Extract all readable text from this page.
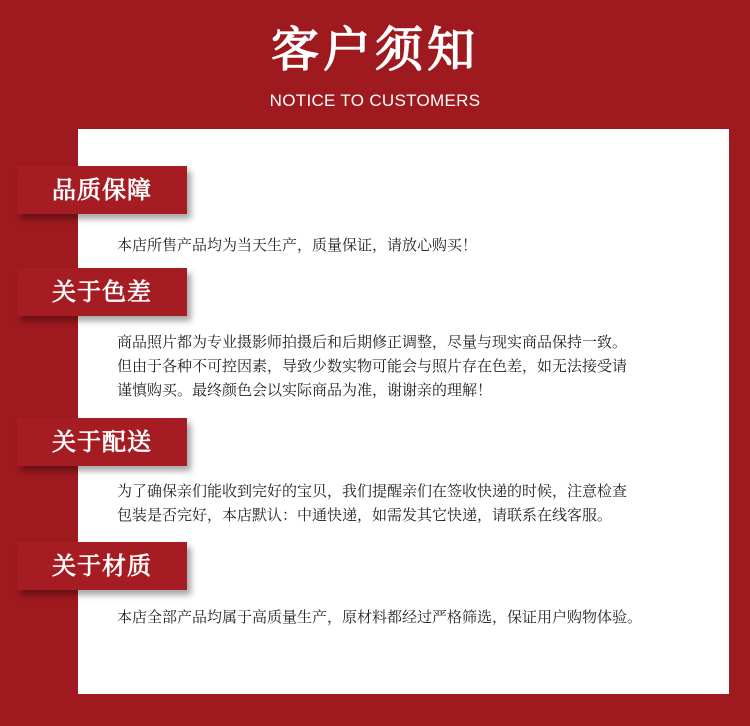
客户须知
NOTICE TO CUSTOMERS
品质保障

本店所售产品均为当天生产，质量保证，请放心购买！

关于色差

商品照片都为专业摄影师拍摄后和后期修正调整，尽量与现实商品保持一致。

但由于各种不可控因素，导致少数实物可能会与照片存在色差，如无法接受请

谨慎购买。最终颜色会以实际商品为准，谢谢亲的理解！

关于配送

为了确保亲们能收到完好的宝贝，我们提醒亲们在签收快递的时候，注意检查

包装是否完好，本店默认：中通快递，如需发其它快递，请联系在线客服。

关于材质

本店全部产品均属于高质量生产，原材料都经过严格筛选，保证用户购物体验。
